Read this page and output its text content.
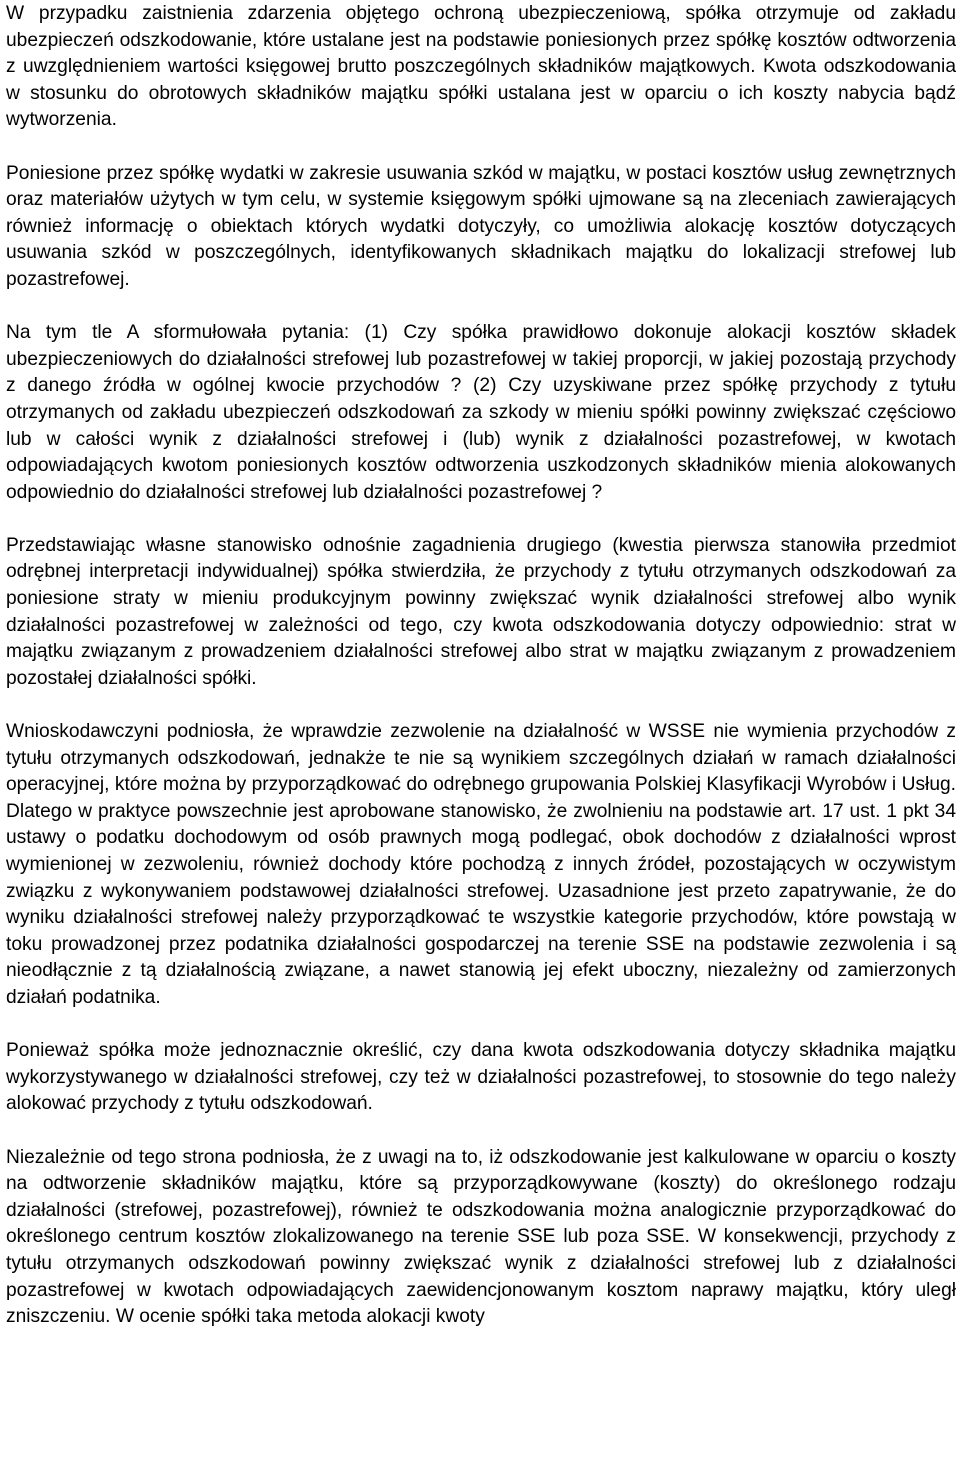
W przypadku zaistnienia zdarzenia objętego ochroną ubezpieczeniową, spółka otrzymuje od zakładu ubezpieczeń odszkodowanie, które ustalane jest na podstawie poniesionych przez spółkę kosztów odtworzenia z uwzględnieniem wartości księgowej brutto poszczególnych składników majątkowych. Kwota odszkodowania w stosunku do obrotowych składników majątku spółki ustalana jest w oparciu o ich koszty nabycia bądź wytworzenia.

Poniesione przez spółkę wydatki w zakresie usuwania szkód w majątku, w postaci kosztów usług zewnętrznych oraz materiałów użytych w tym celu, w systemie księgowym spółki ujmowane są na zleceniach zawierających również informację o obiektach których wydatki dotyczyły, co umożliwia alokację kosztów dotyczących usuwania szkód w poszczególnych, identyfikowanych składnikach majątku do lokalizacji strefowej lub pozastrefowej.

Na tym tle A sformułowała pytania: (1) Czy spółka prawidłowo dokonuje alokacji kosztów składek ubezpieczeniowych do działalności strefowej lub pozastrefowej w takiej proporcji, w jakiej pozostają przychody z danego źródła w ogólnej kwocie przychodów ? (2) Czy uzyskiwane przez spółkę przychody z tytułu otrzymanych od zakładu ubezpieczeń odszkodowań za szkody w mieniu spółki powinny zwiększać częściowo lub w całości wynik z działalności strefowej i (lub) wynik z działalności pozastrefowej, w kwotach odpowiadających kwotom poniesionych kosztów odtworzenia uszkodzonych składników mienia alokowanych odpowiednio do działalności strefowej lub działalności pozastrefowej ?

Przedstawiając własne stanowisko odnośnie zagadnienia drugiego (kwestia pierwsza stanowiła przedmiot odrębnej interpretacji indywidualnej) spółka stwierdziła, że przychody z tytułu otrzymanych odszkodowań za poniesione straty w mieniu produkcyjnym powinny zwiększać wynik działalności strefowej albo wynik działalności pozastrefowej w zależności od tego, czy kwota odszkodowania dotyczy odpowiednio: strat w majątku związanym z prowadzeniem działalności strefowej albo strat w majątku związanym z prowadzeniem pozostałej działalności spółki.

Wnioskodawczyni podniosła, że wprawdzie zezwolenie na działalność w WSSE nie wymienia przychodów z tytułu otrzymanych odszkodowań, jednakże te nie są wynikiem szczególnych działań w ramach działalności operacyjnej, które można by przyporządkować do odrębnego grupowania Polskiej Klasyfikacji Wyrobów i Usług. Dlatego w praktyce powszechnie jest aprobowane stanowisko, że zwolnieniu na podstawie art. 17 ust. 1 pkt 34 ustawy o podatku dochodowym od osób prawnych mogą podlegać, obok dochodów z działalności wprost wymienionej w zezwoleniu, również dochody które pochodzą z innych źródeł, pozostających w oczywistym związku z wykonywaniem podstawowej działalności strefowej. Uzasadnione jest przeto zapatrywanie, że do wyniku działalności strefowej należy przyporządkować te wszystkie kategorie przychodów, które powstają w toku prowadzonej przez podatnika działalności gospodarczej na terenie SSE na podstawie zezwolenia i są nieodłącznie z tą działalnością związane, a nawet stanowią jej efekt uboczny, niezależny od zamierzonych działań podatnika.

Ponieważ spółka może jednoznacznie określić, czy dana kwota odszkodowania dotyczy składnika majątku wykorzystywanego w działalności strefowej, czy też w działalności pozastrefowej, to stosownie do tego należy alokować przychody z tytułu odszkodowań.

Niezależnie od tego strona podniosła, że z uwagi na to, iż odszkodowanie jest kalkulowane w oparciu o koszty na odtworzenie składników majątku, które są przyporządkowywane (koszty) do określonego rodzaju działalności (strefowej, pozastrefowej), również te odszkodowania można analogicznie przyporządkować do określonego centrum kosztów zlokalizowanego na terenie SSE lub poza SSE. W konsekwencji, przychody z tytułu otrzymanych odszkodowań powinny zwiększać wynik z działalności strefowej lub z działalności pozastrefowej w kwotach odpowiadających zaewidencjonowanym kosztom naprawy majątku, który uległ zniszczeniu. W ocenie spółki taka metoda alokacji kwoty
